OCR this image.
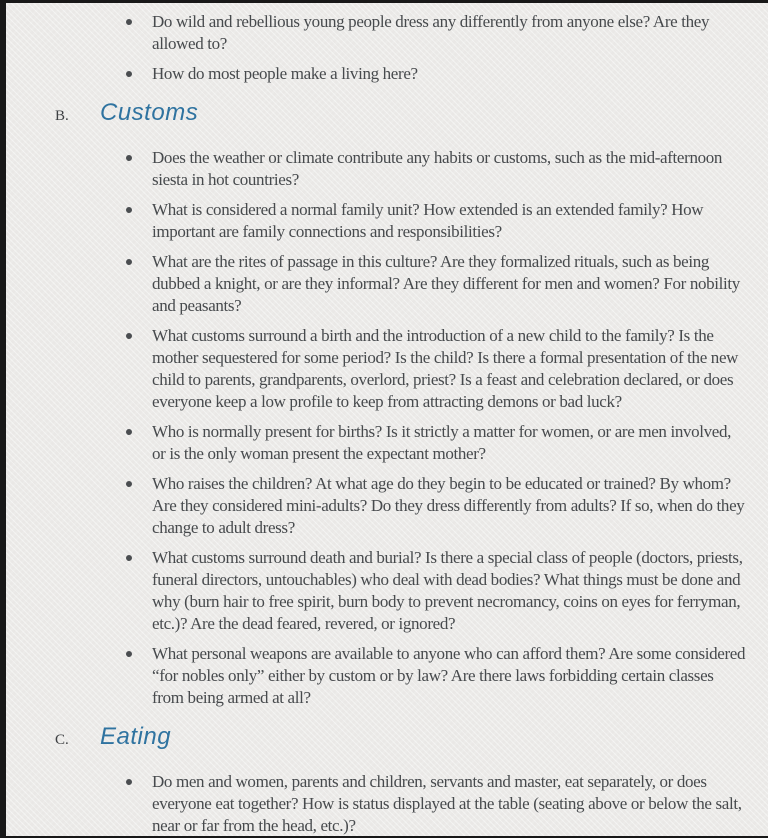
Do wild and rebellious young people dress any differently from anyone else? Are they allowed to?
How do most people make a living here?
B.	Customs
Does the weather or climate contribute any habits or customs, such as the mid-afternoon siesta in hot countries?
What is considered a normal family unit? How extended is an extended family? How important are family connections and responsibilities?
What are the rites of passage in this culture? Are they formalized rituals, such as being dubbed a knight, or are they informal? Are they different for men and women? For nobility and peasants?
What customs surround a birth and the introduction of a new child to the family? Is the mother sequestered for some period? Is the child? Is there a formal presentation of the new child to parents, grandparents, overlord, priest? Is a feast and celebration declared, or does everyone keep a low profile to keep from attracting demons or bad luck?
Who is normally present for births? Is it strictly a matter for women, or are men involved, or is the only woman present the expectant mother?
Who raises the children? At what age do they begin to be educated or trained? By whom? Are they considered mini-adults? Do they dress differently from adults? If so, when do they change to adult dress?
What customs surround death and burial? Is there a special class of people (doctors, priests, funeral directors, untouchables) who deal with dead bodies? What things must be done and why (burn hair to free spirit, burn body to prevent necromancy, coins on eyes for ferryman, etc.)? Are the dead feared, revered, or ignored?
What personal weapons are available to anyone who can afford them? Are some considered “for nobles only” either by custom or by law? Are there laws forbidding certain classes from being armed at all?
C.	Eating
Do men and women, parents and children, servants and master, eat separately, or does everyone eat together? How is status displayed at the table (seating above or below the salt, near or far from the head, etc.)?
